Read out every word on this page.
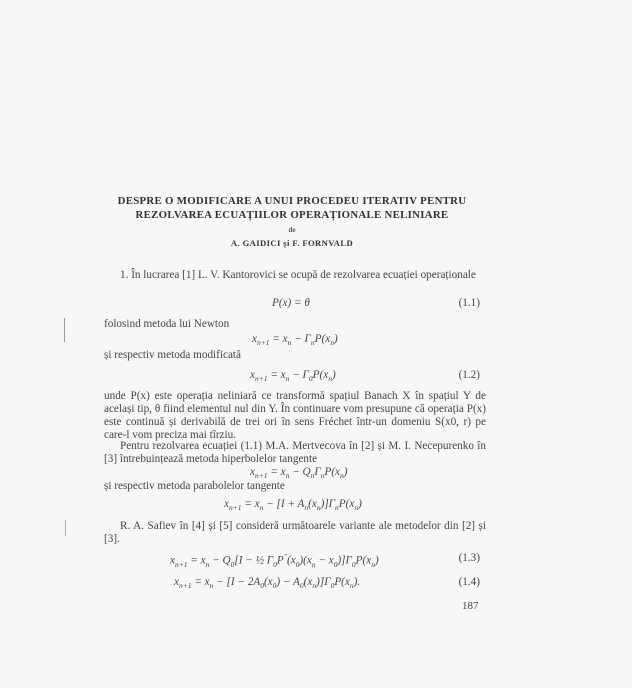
DESPRE O MODIFICARE A UNUI PROCEDEU ITERATIV PENTRU
REZOLVAREA ECUAȚIILOR OPERAȚIONALE NELINIARE
de
A. GAIDICI și F. FORNVALD
1. În lucrarea [1] L. V. Kantorovici se ocupă de rezolvarea ecuației operaționale
P(x) = θ	(1.1)
folosind metoda lui Newton
$x_{n+1} = x_n - \Gamma_nP(x_n)$
și respectiv metoda modificată
$x_{n+1} = x_n - \Gamma_0P(x_n)$	(1.2)
unde P(x) este operația neliniară ce transformă spațiul Banach X în spațiul Y de același tip, θ fiind elementul nul din Y. În continuare vom presupune că operația P(x) este continuă și derivabilă de trei ori în sens Fréchet într-un domeniu S(x0, r) pe care-l vom preciza mai tîrziu.
Pentru rezolvarea ecuației (1.1) M.A. Mertvecova în [2] și M. I. Necepurenko în [3] întrebuințează metoda hiperbolelor tangente
$x_{n+1} = x_n - Q_n\Gamma_nP(x_n)$
și respectiv metoda parabolelor tangente
$x_{n+1} = x_n - [I + A_n(x_n)]\Gamma_nP(x_n)$
R. A. Safiev în [4] și [5] consideră următoarele variante ale metodelor din [2] și [3].
$x_{n+1} = x_n - Q_0[I$ − ½ $\Gamma_0P''(x_0)(x_n - x_0)]\Gamma_0P(x_n)$	(1.3)
$x_{n+1} = x_n - [I - 2A_0(x_0) - A_0(x_n)]\Gamma_0P(x_n)$.	(1.4)
187
